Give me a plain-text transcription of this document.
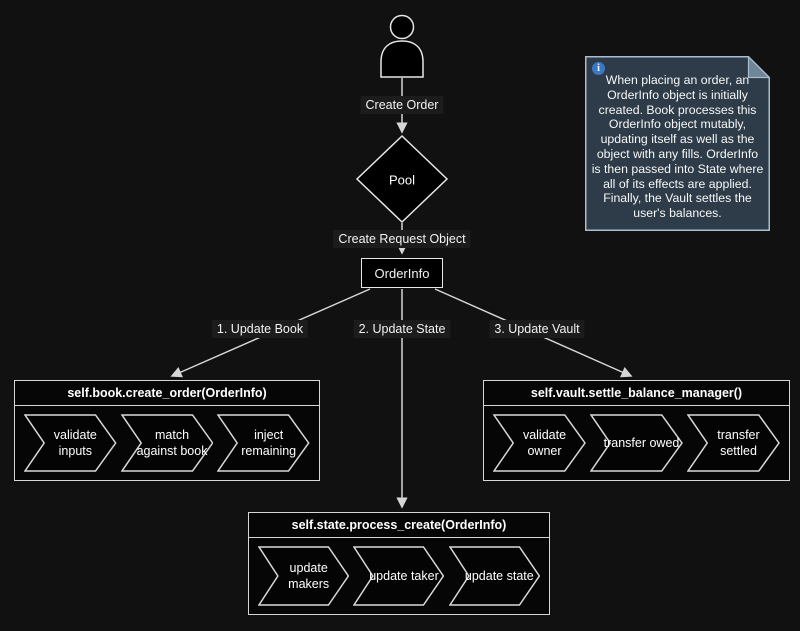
Create Order
Create Request Object
1. Update Book	2. Update State	3. Update Vault
Pool
OrderInfo
self.book.create_order(OrderInfo)
validate inputs
match against book
inject remaining
self.vault.settle_balance_manager()
validate owner
transfer owed
transfer settled
self.state.process_create(OrderInfo)
update makers
update taker	update state
i
When placing an order, an OrderInfo object is initially created. Book processes this OrderInfo object mutably, updating itself as well as the object with any fills. OrderInfo is then passed into State where all of its effects are applied. Finally, the Vault settles the user's balances.
